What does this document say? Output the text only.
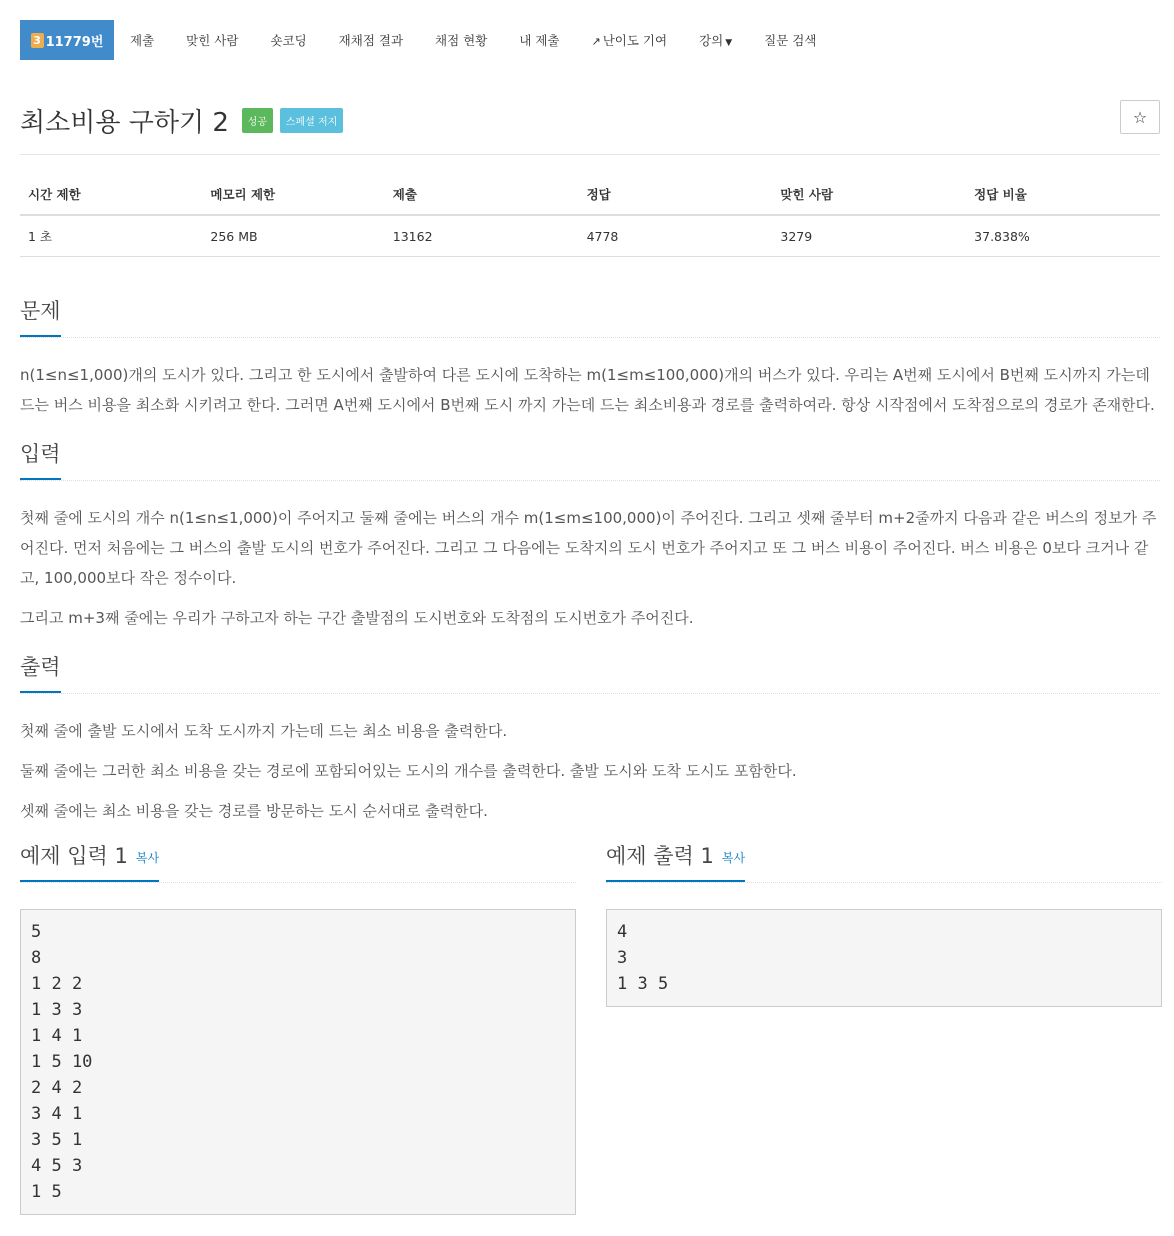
3 11779번	제출	맞힌 사람	숏코딩	재채점 결과	채점 현황	내 제출	↗ 난이도 기여	강의 ▼	질문 검색
최소비용 구하기 2 성공 스페셜 저지	☆
시간 제한	메모리 제한	제출	정답	맞힌 사람	정답 비율
1 초	256 MB	13162	4778	3279	37.838%
문제

n(1≤n≤1,000)개의 도시가 있다. 그리고 한 도시에서 출발하여 다른 도시에 도착하는 m(1≤m≤100,000)개의 버스가 있다. 우리는 A번째 도시에서 B번째 도시까지 가는데 드는 버스 비용을 최소화 시키려고 한다. 그러면 A번째 도시에서 B번째 도시 까지 가는데 드는 최소비용과 경로를 출력하여라. 항상 시작점에서 도착점으로의 경로가 존재한다.

입력

첫째 줄에 도시의 개수 n(1≤n≤1,000)이 주어지고 둘째 줄에는 버스의 개수 m(1≤m≤100,000)이 주어진다. 그리고 셋째 줄부터 m+2줄까지 다음과 같은 버스의 정보가 주어진다. 먼저 처음에는 그 버스의 출발 도시의 번호가 주어진다. 그리고 그 다음에는 도착지의 도시 번호가 주어지고 또 그 버스 비용이 주어진다. 버스 비용은 0보다 크거나 같고, 100,000보다 작은 정수이다.

그리고 m+3째 줄에는 우리가 구하고자 하는 구간 출발점의 도시번호와 도착점의 도시번호가 주어진다.

출력

첫째 줄에 출발 도시에서 도착 도시까지 가는데 드는 최소 비용을 출력한다.

둘째 줄에는 그러한 최소 비용을 갖는 경로에 포함되어있는 도시의 개수를 출력한다. 출발 도시와 도착 도시도 포함한다.

셋째 줄에는 최소 비용을 갖는 경로를 방문하는 도시 순서대로 출력한다.

예제 입력 1 복사
5
8
1 2 2
1 3 3
1 4 1
1 5 10
2 4 2
3 4 1
3 5 1
4 5 3
1 5
예제 출력 1 복사
4
3
1 3 5
